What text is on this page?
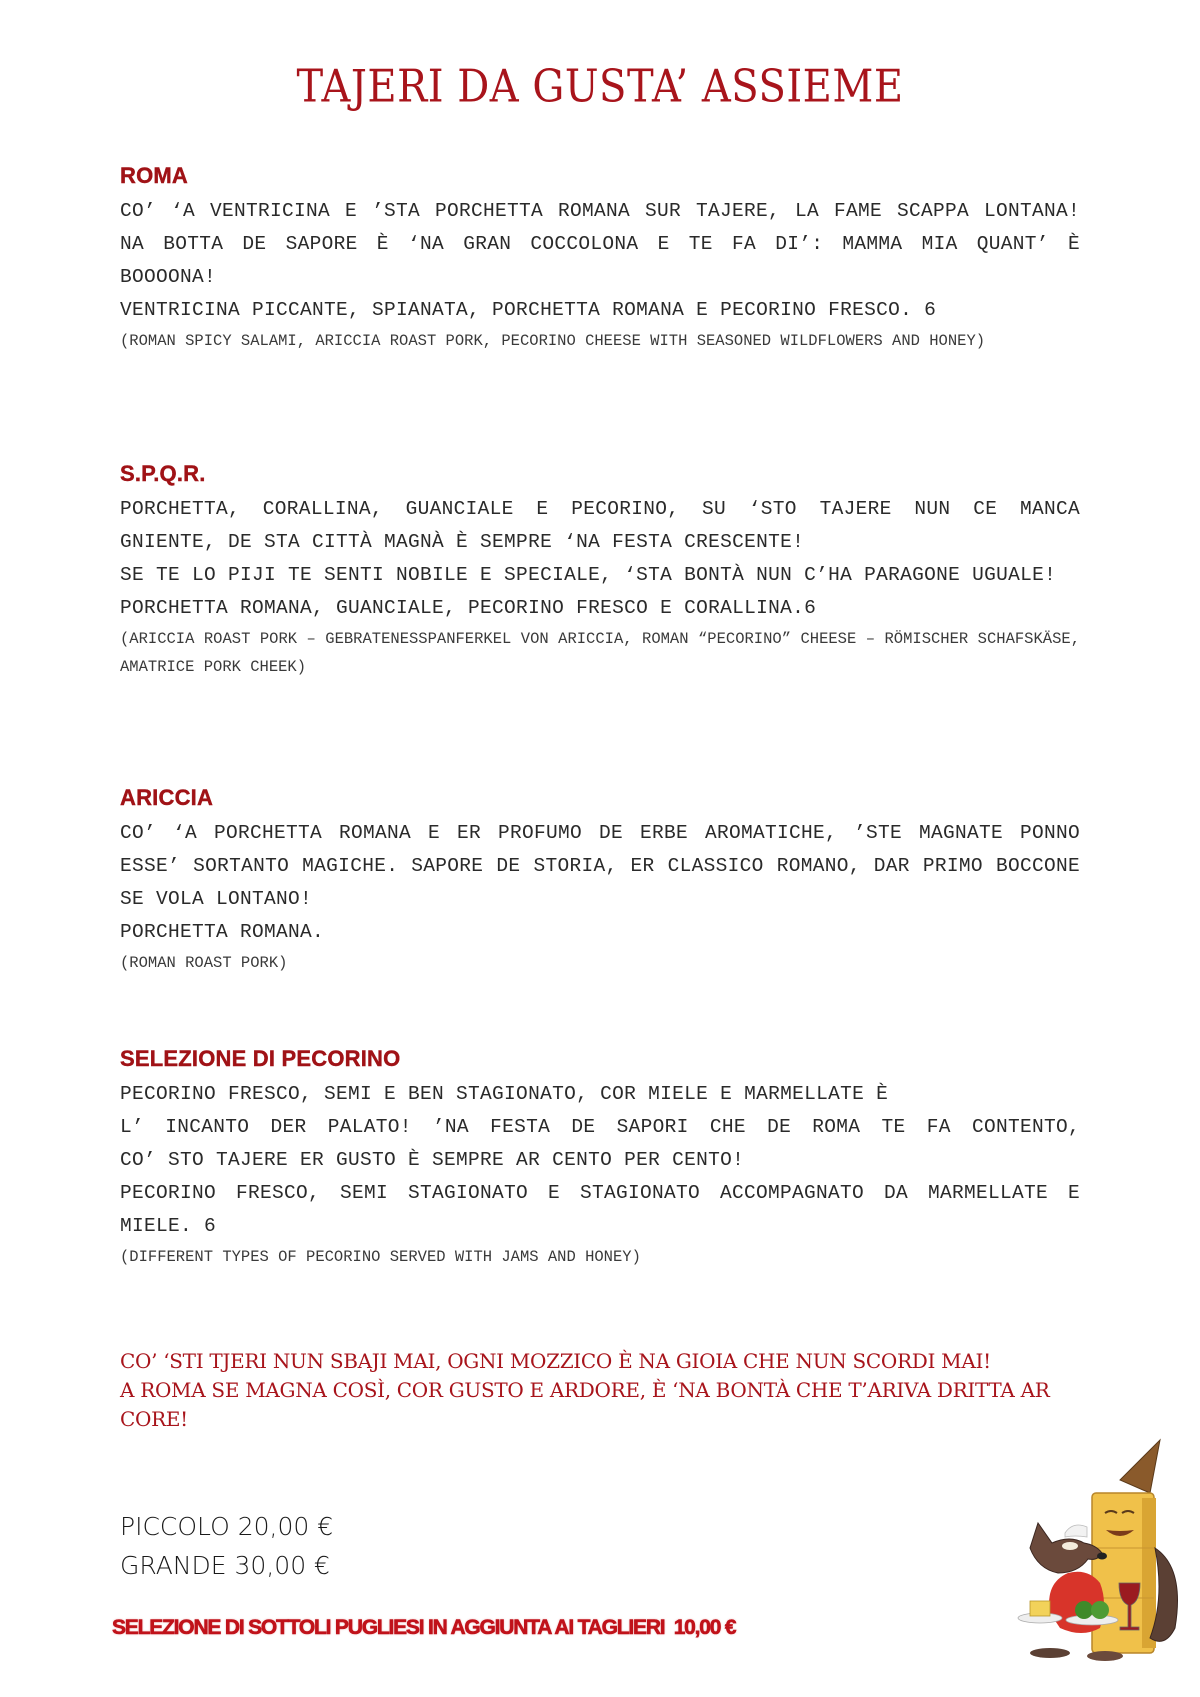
TAJERI DA GUSTA’ ASSIEME
ROMA

CO’ ‘A VENTRICINA E ’STA PORCHETTA ROMANA SUR TAJERE, LA FAME SCAPPA LONTANA! NA BOTTA DE SAPORE È ‘NA GRAN COCCOLONA E TE FA DI’: MAMMA MIA QUANT’ È BOOOONA!

VENTRICINA PICCANTE, SPIANATA, PORCHETTA ROMANA E PECORINO FRESCO. 6

(ROMAN SPICY SALAMI, ARICCIA ROAST PORK, PECORINO CHEESE WITH SEASONED WILDFLOWERS AND HONEY)

S.P.Q.R.

PORCHETTA, CORALLINA, GUANCIALE E PECORINO, SU ‘STO TAJERE NUN CE MANCA GNIENTE, DE STA CITTÀ MAGNÀ È SEMPRE ‘NA FESTA CRESCENTE!

SE TE LO PIJI TE SENTI NOBILE E SPECIALE, ‘STA BONTÀ NUN C’HA PARAGONE UGUALE!

PORCHETTA ROMANA, GUANCIALE, PECORINO FRESCO E CORALLINA.6

(ARICCIA ROAST PORK – GEBRATENESSPANFERKEL VON ARICCIA, ROMAN “PECORINO” CHEESE – RÖMISCHER SCHAFSKÄSE, AMATRICE PORK CHEEK)

ARICCIA

CO’ ‘A PORCHETTA ROMANA E ER PROFUMO DE ERBE AROMATICHE, ’STE MAGNATE PONNO ESSE’ SORTANTO MAGICHE. SAPORE DE STORIA, ER CLASSICO ROMANO, DAR PRIMO BOCCONE SE VOLA LONTANO!

PORCHETTA ROMANA.

(ROMAN ROAST PORK)

SELEZIONE DI PECORINO
PECORINO FRESCO, SEMI E BEN STAGIONATO, COR MIELE E MARMELLATE È
L’ INCANTO DER PALATO! ’NA FESTA DE SAPORI CHE DE ROMA TE FA CONTENTO,
CO’ STO TAJERE ER GUSTO È SEMPRE AR CENTO PER CENTO!

PECORINO FRESCO, SEMI STAGIONATO E STAGIONATO ACCOMPAGNATO DA MARMELLATE E MIELE. 6

(DIFFERENT TYPES OF PECORINO SERVED WITH JAMS AND HONEY)

CO’ ‘STI TJERI NUN SBAJI MAI, OGNI MOZZICO È NA GIOIA CHE NUN SCORDI MAI!
A ROMA SE MAGNA COSÌ, COR GUSTO E ARDORE, È ‘NA BONTÀ CHE T’ARIVA DRITTA AR
CORE!
PICCOLO 20,00 €
GRANDE 30,00 €
SELEZIONE DI SOTTOLI PUGLIESI IN AGGIUNTA AI TAGLIERI  10,00 €
